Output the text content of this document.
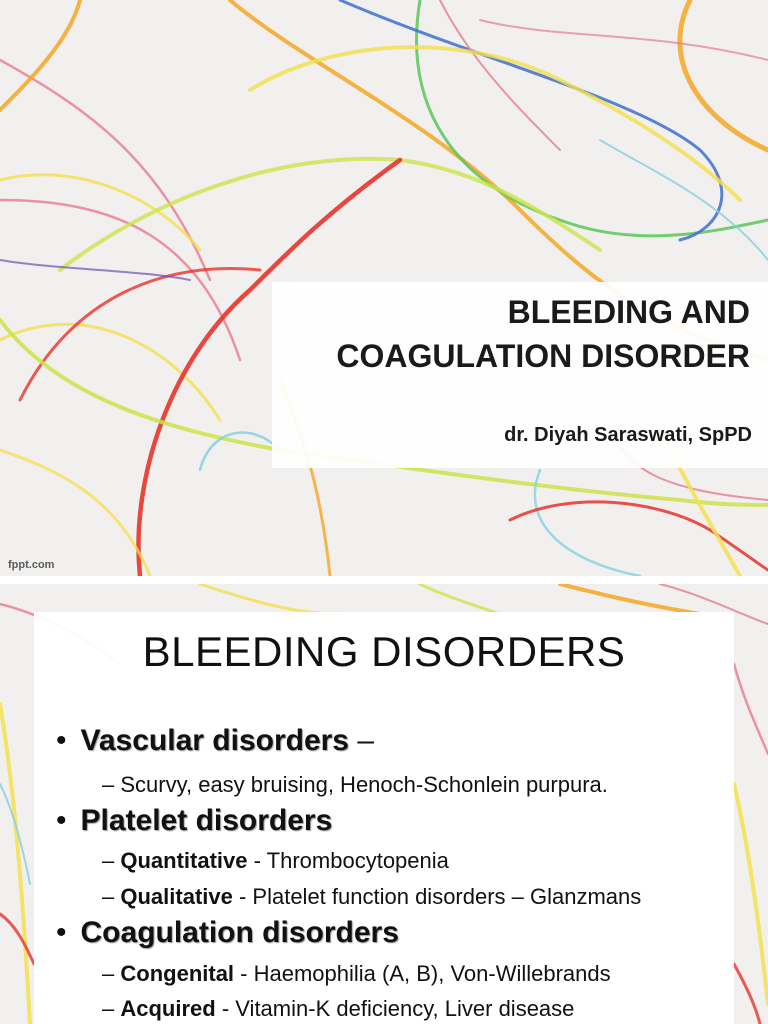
BLEEDING AND
COAGULATION DISORDER
dr. Diyah Saraswati, SpPD
fppt.com
BLEEDING DISORDERS
• Vascular disorders –
– Scurvy, easy bruising, Henoch-Schonlein purpura.
• Platelet disorders
– Quantitative - Thrombocytopenia
– Qualitative - Platelet function disorders – Glanzmans
• Coagulation disorders
– Congenital - Haemophilia (A, B), Von-Willebrands
– Acquired - Vitamin-K deficiency, Liver disease
